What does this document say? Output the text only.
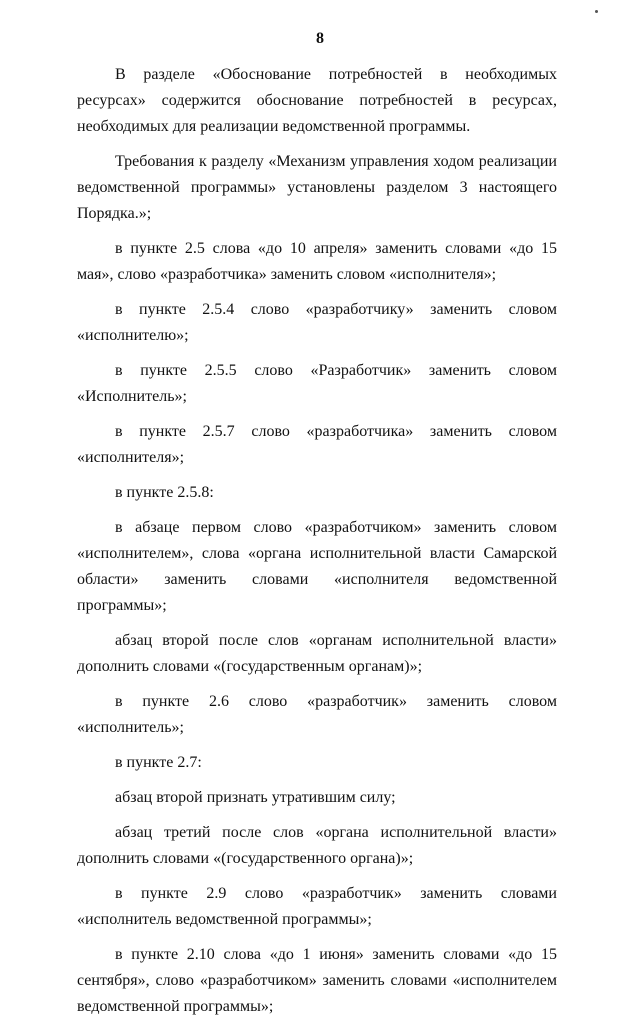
8

В разделе «Обоснование потребностей в необходимых ресурсах» содержится обоснование потребностей в ресурсах, необходимых для реализации ведомственной программы.

Требования к разделу «Механизм управления ходом реализации ведомственной программы» установлены разделом 3 настоящего Порядка.»;

в пункте 2.5 слова «до 10 апреля» заменить словами «до 15 мая», слово «разработчика» заменить словом «исполнителя»;

в пункте 2.5.4 слово «разработчику» заменить словом «исполнителю»;

в пункте 2.5.5 слово «Разработчик» заменить словом «Исполнитель»;

в пункте 2.5.7 слово «разработчика» заменить словом «исполнителя»;

в пункте 2.5.8:

в абзаце первом слово «разработчиком» заменить словом «исполнителем», слова «органа исполнительной власти Самарской области» заменить словами «исполнителя ведомственной программы»;

абзац второй после слов «органам исполнительной власти» дополнить словами «(государственным органам)»;

в пункте 2.6 слово «разработчик» заменить словом «исполнитель»;

в пункте 2.7:

абзац второй признать утратившим силу;

абзац третий после слов «органа исполнительной власти» дополнить словами «(государственного органа)»;

в пункте 2.9 слово «разработчик» заменить словами «исполнитель ведомственной программы»;

в пункте 2.10 слова «до 1 июня» заменить словами «до 15 сентября», слово «разработчиком» заменить словами «исполнителем ведомственной программы»;
